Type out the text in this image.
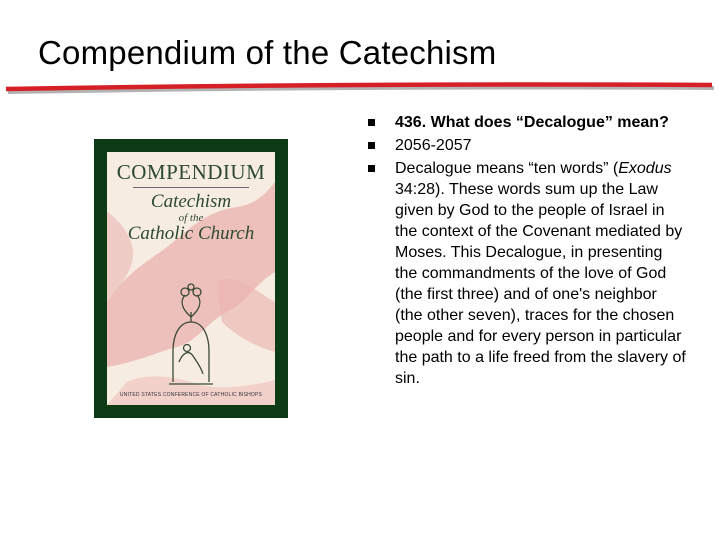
Compendium of the Catechism
COMPENDIUM
Catechism
of the
Catholic Church
UNITED STATES CONFERENCE OF CATHOLIC BISHOPS
436. What does “Decalogue” mean?
2056-2057
Decalogue means “ten words” (Exodus 34:28). These words sum up the Law given by God to the people of Israel in the context of the Covenant mediated by Moses. This Decalogue, in presenting the commandments of the love of God (the first three) and of one's neighbor (the other seven), traces for the chosen people and for every person in particular the path to a life freed from the slavery of sin.
